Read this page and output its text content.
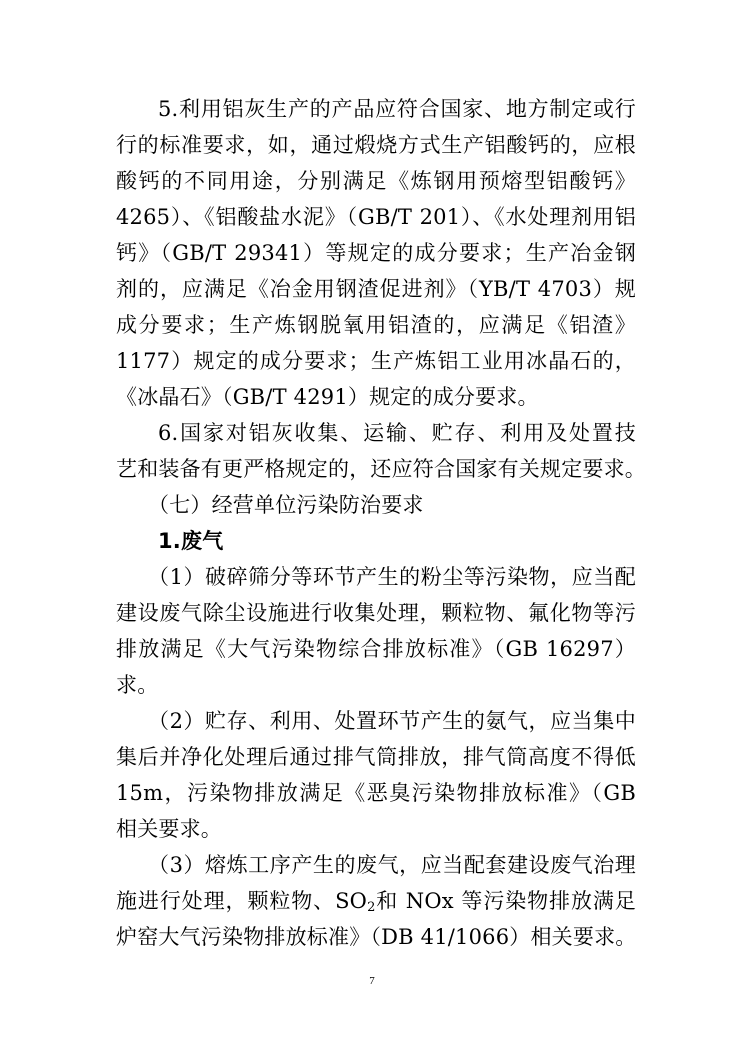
5.利用铝灰生产的产品应符合国家、地方制定或行
行的标准要求，如，通过煅烧方式生产铝酸钙的，应根
酸钙的不同用途，分别满足《炼钢用预熔型铝酸钙》
4265）、《铝酸盐水泥》（GB/T 201）、《水处理剂用铝
钙》（GB/T 29341）等规定的成分要求；生产冶金钢
剂的，应满足《冶金用钢渣促进剂》（YB/T 4703）规
成分要求；生产炼钢脱氧用铝渣的，应满足《铝渣》
1177）规定的成分要求；生产炼铝工业用冰晶石的，
《冰晶石》（GB/T 4291）规定的成分要求。
6.国家对铝灰收集、运输、贮存、利用及处置技
艺和装备有更严格规定的，还应符合国家有关规定要求。
（七）经营单位污染防治要求
1.废气
（1）破碎筛分等环节产生的粉尘等污染物，应当配
建设废气除尘设施进行收集处理，颗粒物、氟化物等污
排放满足《大气污染物综合排放标准》（GB 16297）
求。
（2）贮存、利用、处置环节产生的氨气，应当集中
集后并净化处理后通过排气筒排放，排气筒高度不得低
15m，污染物排放满足《恶臭污染物排放标准》（GB
相关要求。
（3）熔炼工序产生的废气，应当配套建设废气治理
施进行处理，颗粒物、$SO_2$和 NOx 等污染物排放满足
炉窑大气污染物排放标准》（DB 41/1066）相关要求。
7
